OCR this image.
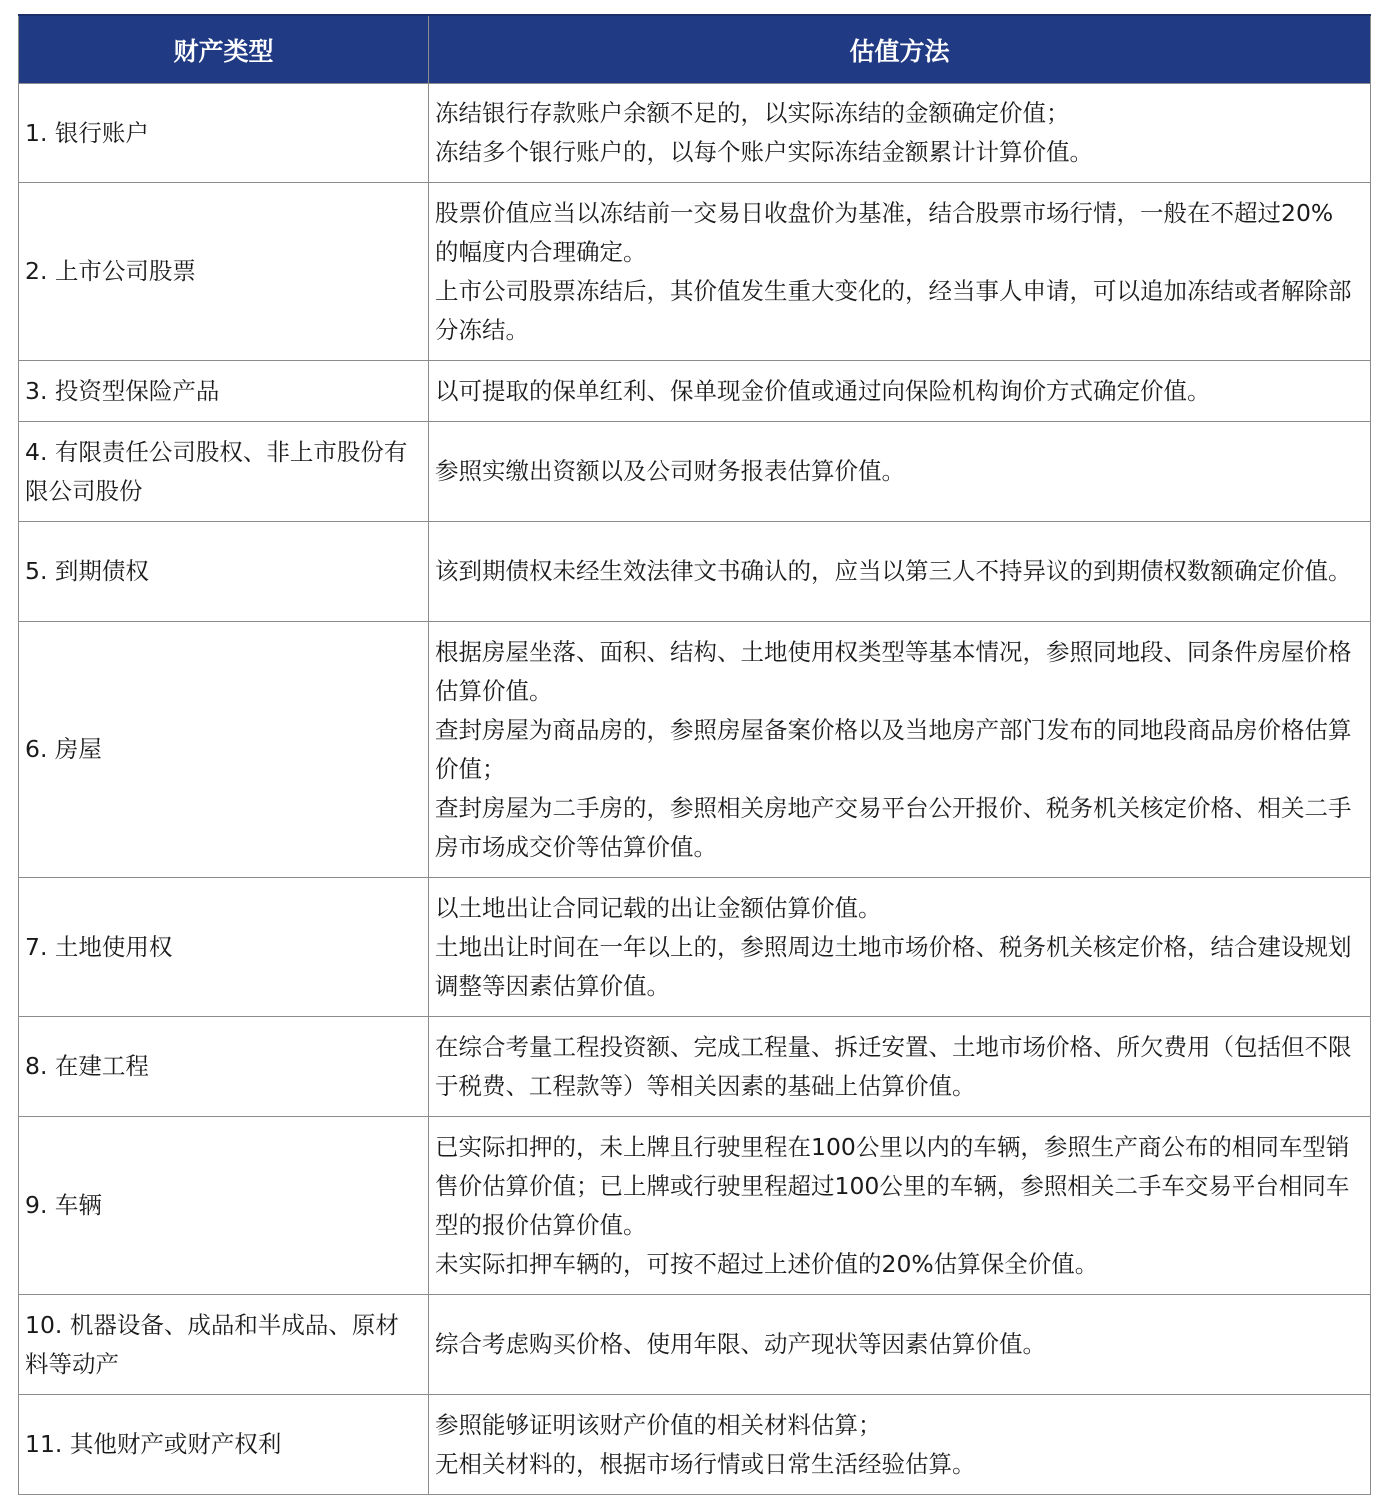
财产类型	估值方法
1. 银行账户	冻结银行存款账户余额不足的，以实际冻结的金额确定价值；
冻结多个银行账户的，以每个账户实际冻结金额累计计算价值。

2. 上市公司股票	股票价值应当以冻结前一交易日收盘价为基准，结合股票市场行情，一般在不超过20%的幅度内合理确定。
上市公司股票冻结后，其价值发生重大变化的，经当事人申请，可以追加冻结或者解除部分冻结。

3. 投资型保险产品	以可提取的保单红利、保单现金价值或通过向保险机构询价方式确定价值。

4. 有限责任公司股权、非上市股份有限公司股份	参照实缴出资额以及公司财务报表估算价值。

5. 到期债权	该到期债权未经生效法律文书确认的，应当以第三人不持异议的到期债权数额确定价值。

6. 房屋	根据房屋坐落、面积、结构、土地使用权类型等基本情况，参照同地段、同条件房屋价格估算价值。
查封房屋为商品房的，参照房屋备案价格以及当地房产部门发布的同地段商品房价格估算价值；
查封房屋为二手房的，参照相关房地产交易平台公开报价、税务机关核定价格、相关二手房市场成交价等估算价值。

7. 土地使用权	以土地出让合同记载的出让金额估算价值。
土地出让时间在一年以上的，参照周边土地市场价格、税务机关核定价格，结合建设规划调整等因素估算价值。

8. 在建工程	在综合考量工程投资额、完成工程量、拆迁安置、土地市场价格、所欠费用（包括但不限于税费、工程款等）等相关因素的基础上估算价值。

9. 车辆	已实际扣押的，未上牌且行驶里程在100公里以内的车辆，参照生产商公布的相同车型销售价估算价值；已上牌或行驶里程超过100公里的车辆，参照相关二手车交易平台相同车型的报价估算价值。
未实际扣押车辆的，可按不超过上述价值的20%估算保全价值。

10. 机器设备、成品和半成品、原材料等动产	综合考虑购买价格、使用年限、动产现状等因素估算价值。

11. 其他财产或财产权利	参照能够证明该财产价值的相关材料估算；
无相关材料的，根据市场行情或日常生活经验估算。
